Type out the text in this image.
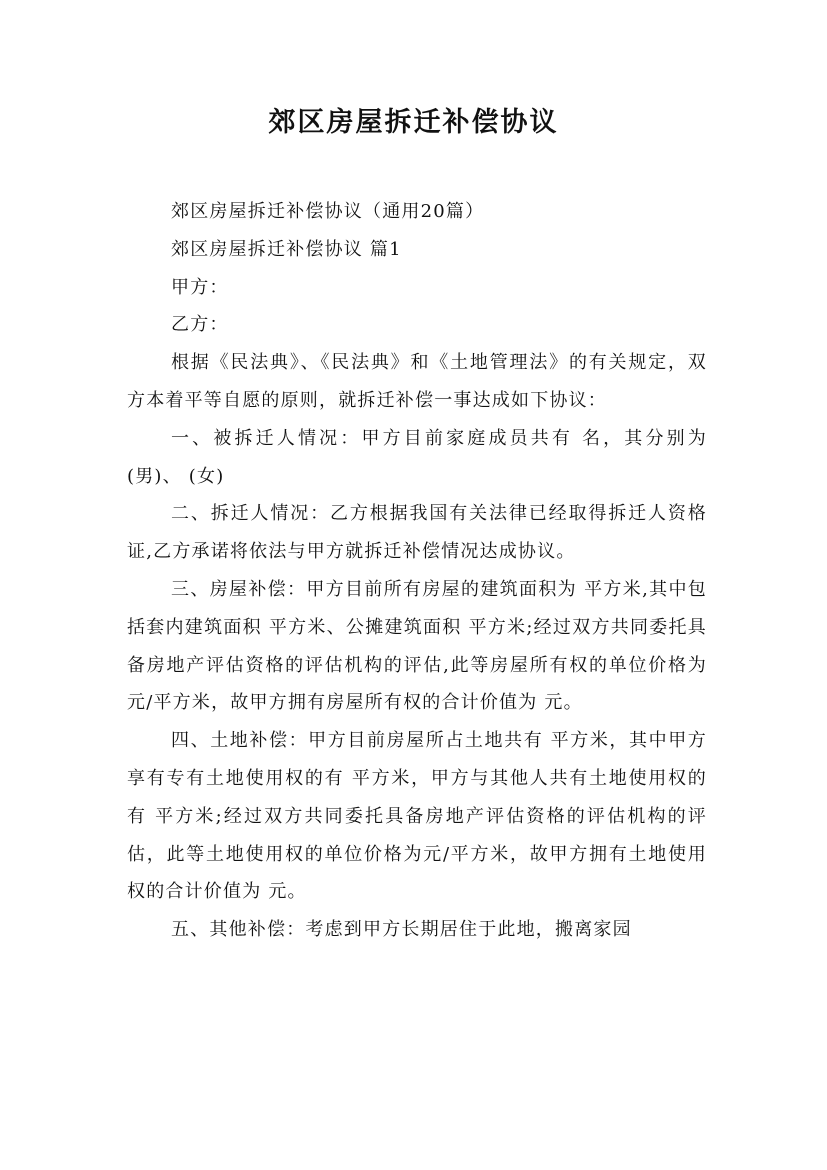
郊区房屋拆迁补偿协议

郊区房屋拆迁补偿协议（通用20篇）

郊区房屋拆迁补偿协议 篇1

甲方：

乙方：

根据《民法典》、《民法典》和《土地管理法》的有关规定，双方本着平等自愿的原则，就拆迁补偿一事达成如下协议：

一、被拆迁人情况：甲方目前家庭成员共有 名，其分别为 (男)、 (女)

二、拆迁人情况：乙方根据我国有关法律已经取得拆迁人资格证,乙方承诺将依法与甲方就拆迁补偿情况达成协议。

三、房屋补偿：甲方目前所有房屋的建筑面积为 平方米,其中包括套内建筑面积 平方米、公摊建筑面积 平方米;经过双方共同委托具备房地产评估资格的评估机构的评估,此等房屋所有权的单位价格为 元/平方米，故甲方拥有房屋所有权的合计价值为 元。

四、土地补偿：甲方目前房屋所占土地共有 平方米，其中甲方享有专有土地使用权的有 平方米，甲方与其他人共有土地使用权的有 平方米;经过双方共同委托具备房地产评估资格的评估机构的评估，此等土地使用权的单位价格为元/平方米，故甲方拥有土地使用权的合计价值为 元。

五、其他补偿：考虑到甲方长期居住于此地，搬离家园
